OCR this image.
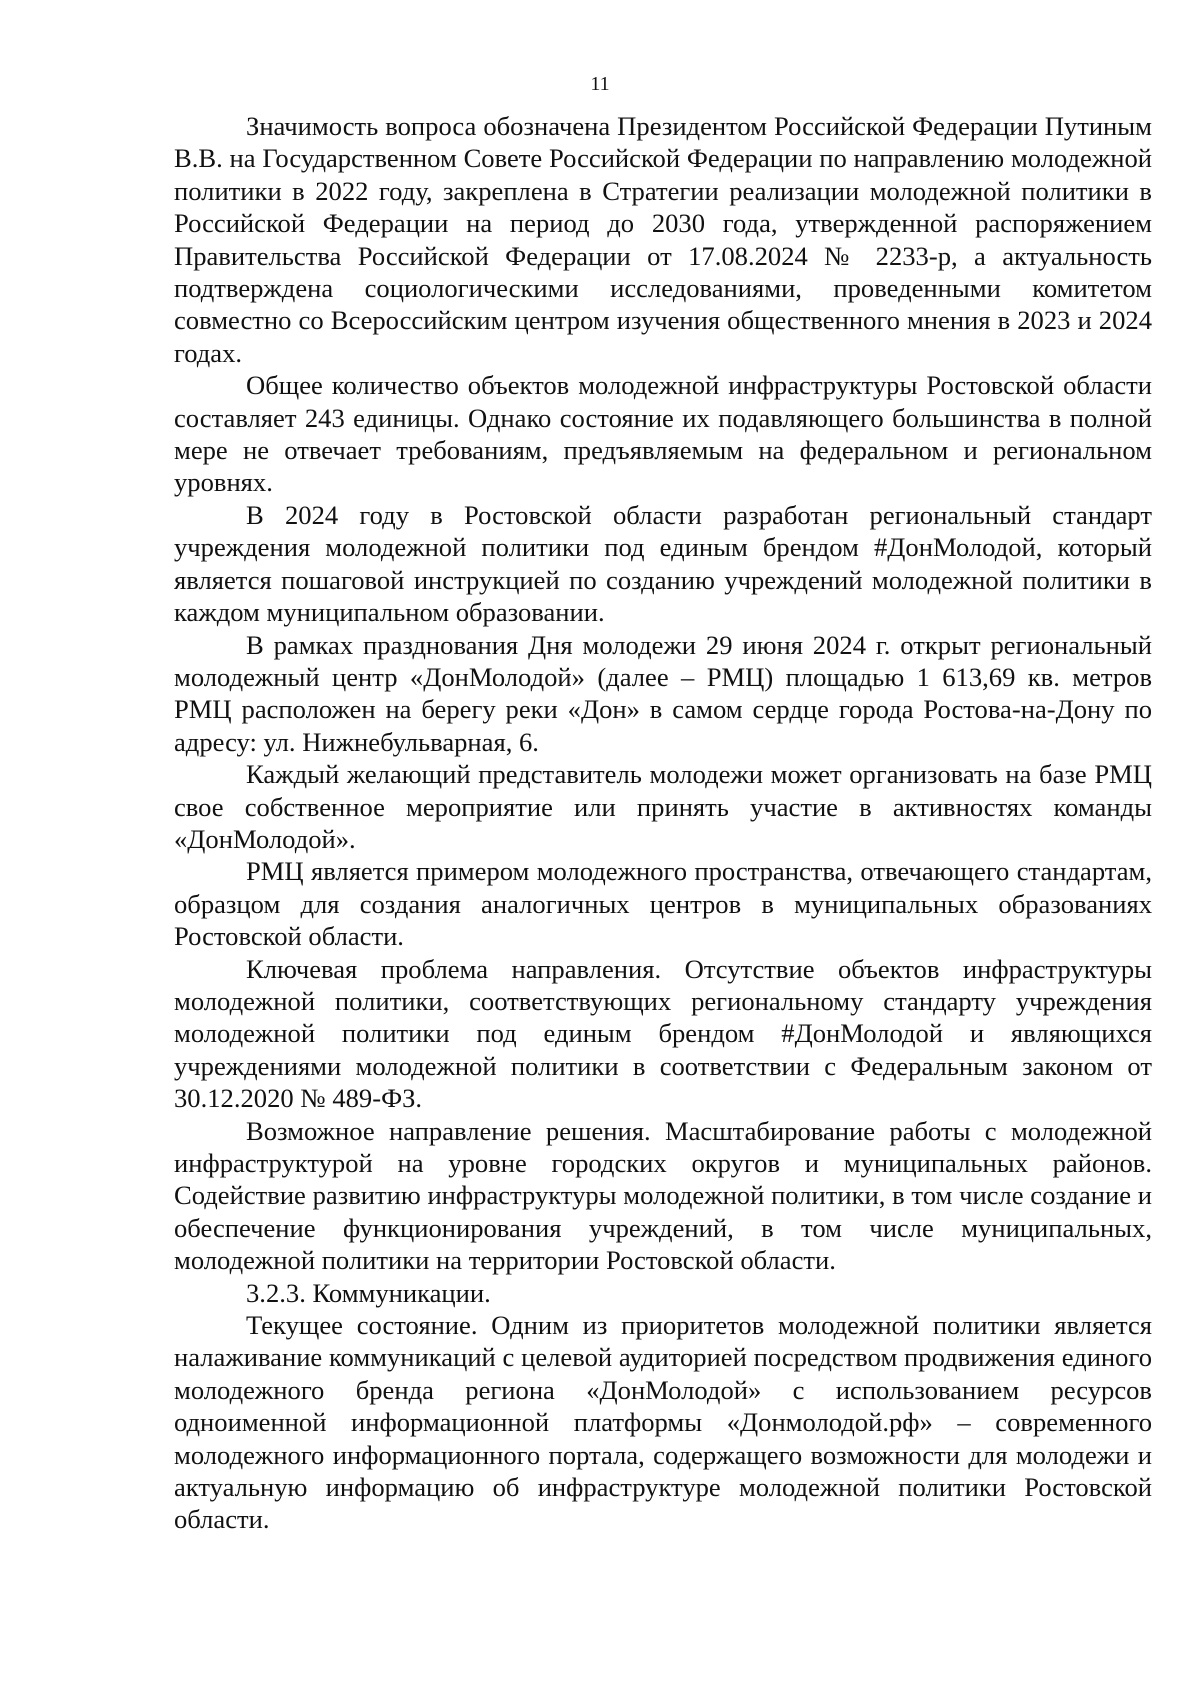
11

Значимость вопроса обозначена Президентом Российской Федерации Путиным В.В. на Государственном Совете Российской Федерации по направлению молодежной политики в 2022 году, закреплена в Стратегии реализации молодежной политики в Российской Федерации на период до 2030 года, утвержденной распоряжением Правительства Российской Федерации от 17.08.2024 № 2233-р, а актуальность подтверждена социологическими исследованиями, проведенными комитетом совместно со Всероссийским центром изучения общественного мнения в 2023 и 2024 годах.

Общее количество объектов молодежной инфраструктуры Ростовской области составляет 243 единицы. Однако состояние их подавляющего большинства в полной мере не отвечает требованиям, предъявляемым на федеральном и региональном уровнях.

В 2024 году в Ростовской области разработан региональный стандарт учреждения молодежной политики под единым брендом #ДонМолодой, который является пошаговой инструкцией по созданию учреждений молодежной политики в каждом муниципальном образовании.

В рамках празднования Дня молодежи 29 июня 2024 г. открыт региональный молодежный центр «ДонМолодой» (далее – РМЦ) площадью 1 613,69 кв. метров РМЦ расположен на берегу реки «Дон» в самом сердце города Ростова-на-Дону по адресу: ул. Нижнебульварная, 6.

Каждый желающий представитель молодежи может организовать на базе РМЦ свое собственное мероприятие или принять участие в активностях команды «ДонМолодой».

РМЦ является примером молодежного пространства, отвечающего стандартам, образцом для создания аналогичных центров в муниципальных образованиях Ростовской области.

Ключевая проблема направления. Отсутствие объектов инфраструктуры молодежной политики, соответствующих региональному стандарту учреждения молодежной политики под единым брендом #ДонМолодой и являющихся учреждениями молодежной политики в соответствии с Федеральным законом от 30.12.2020 № 489-ФЗ.

Возможное направление решения. Масштабирование работы с молодежной инфраструктурой на уровне городских округов и муниципальных районов. Содействие развитию инфраструктуры молодежной политики, в том числе создание и обеспечение функционирования учреждений, в том числе муниципальных, молодежной политики на территории Ростовской области.

3.2.3. Коммуникации.

Текущее состояние. Одним из приоритетов молодежной политики является налаживание коммуникаций с целевой аудиторией посредством продвижения единого молодежного бренда региона «ДонМолодой» с использованием ресурсов одноименной информационной платформы «Донмолодой.рф» – современного молодежного информационного портала, содержащего возможности для молодежи и актуальную информацию об инфраструктуре молодежной политики Ростовской области.
